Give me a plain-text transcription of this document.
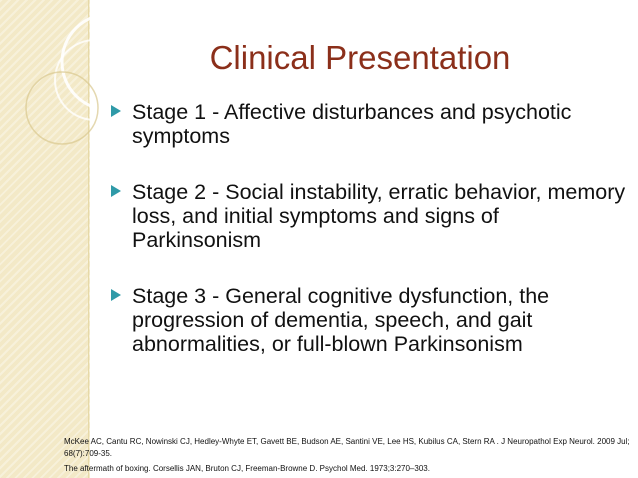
Clinical Presentation
Stage 1 - Affective disturbances and psychotic symptoms
Stage 2 - Social instability, erratic behavior, memory loss, and initial symptoms and signs of Parkinsonism
Stage 3 - General cognitive dysfunction, the progression of dementia, speech, and gait abnormalities, or full-blown Parkinsonism

McKee AC, Cantu RC, Nowinski CJ, Hedley-Whyte ET, Gavett BE, Budson AE, Santini VE, Lee HS, Kubilus CA, Stern RA . J Neuropathol Exp Neurol. 2009 Jul; 68(7):709-35.

The aftermath of boxing. Corsellis JAN, Bruton CJ, Freeman-Browne D. Psychol Med. 1973;3:270–303.
